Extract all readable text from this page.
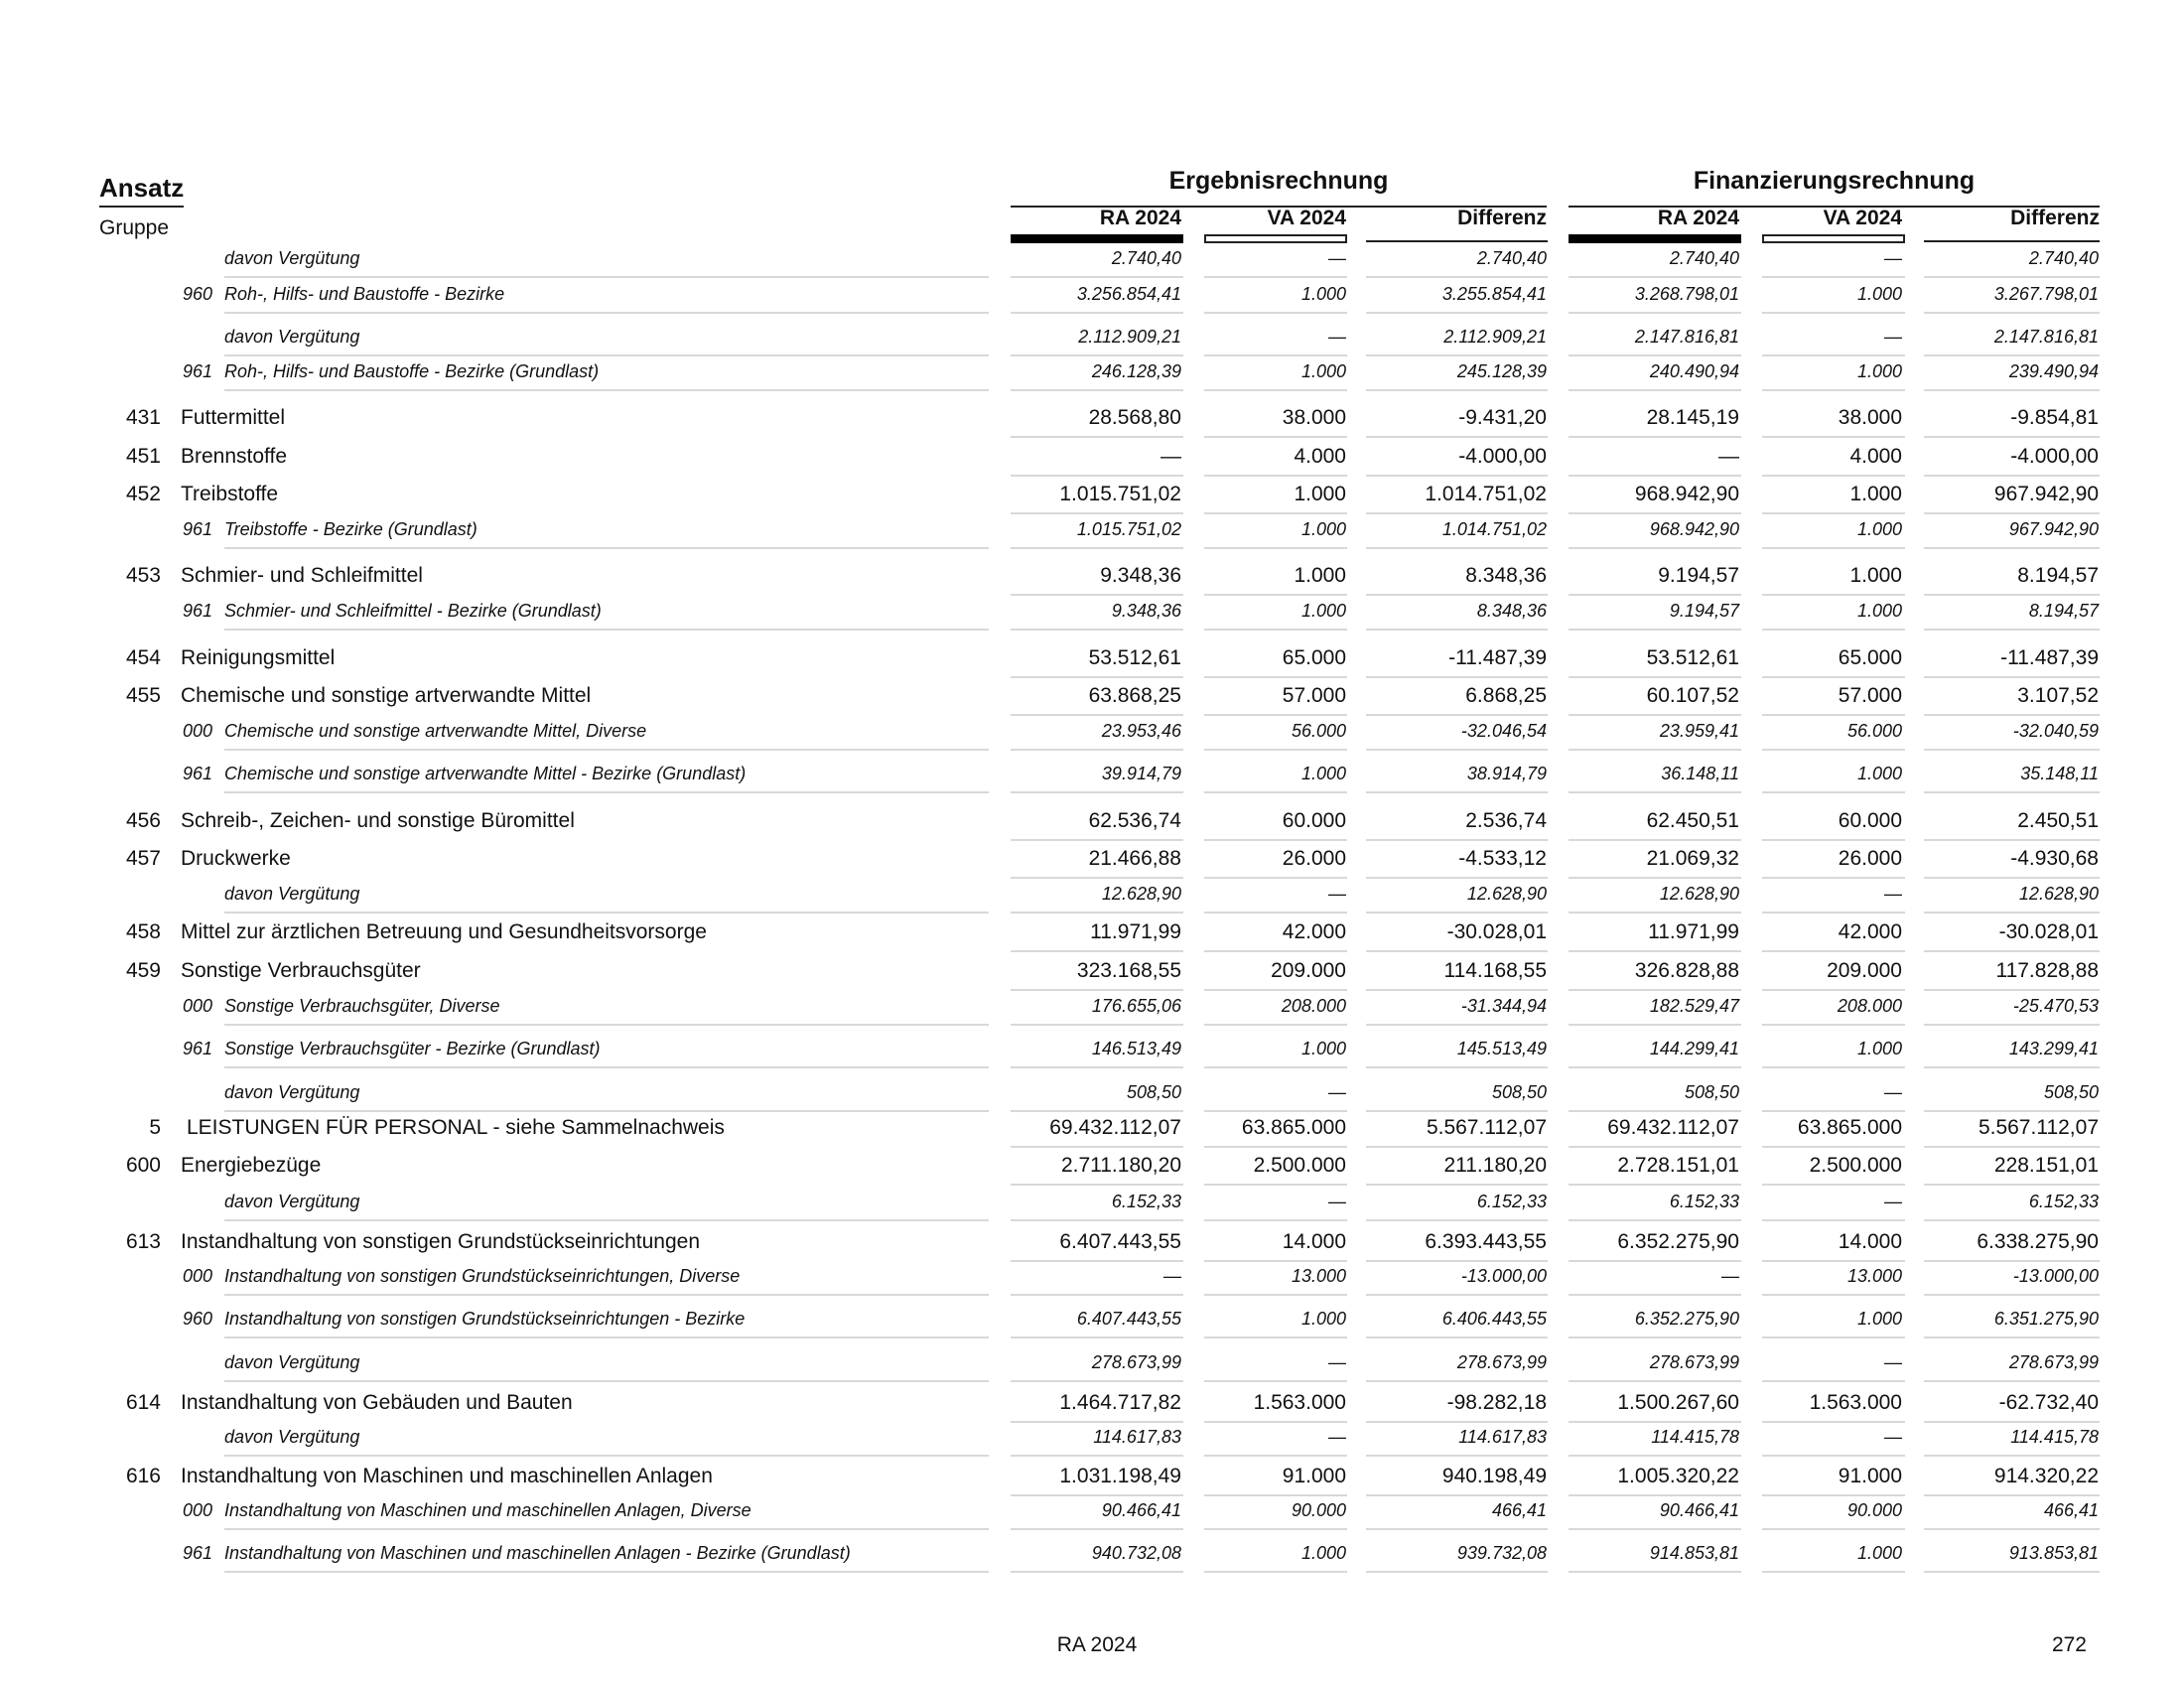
Ansatz
Gruppe
Ergebnisrechnung	Finanzierungsrechnung
RA 2024	VA 2024	Differenz	RA 2024	VA 2024	Differenz
davon Vergütung	2.740,40	—	2.740,40	2.740,40	—	2.740,40
960 Roh-, Hilfs- und Baustoffe - Bezirke	3.256.854,41	1.000	3.255.854,41	3.268.798,01	1.000	3.267.798,01
davon Vergütung	2.112.909,21	—	2.112.909,21	2.147.816,81	—	2.147.816,81
961 Roh-, Hilfs- und Baustoffe - Bezirke (Grundlast)	246.128,39	1.000	245.128,39	240.490,94	1.000	239.490,94
431 Futtermittel	28.568,80	38.000	-9.431,20	28.145,19	38.000	-9.854,81
451 Brennstoffe	—	4.000	-4.000,00	—	4.000	-4.000,00
452 Treibstoffe	1.015.751,02	1.000	1.014.751,02	968.942,90	1.000	967.942,90
961 Treibstoffe - Bezirke (Grundlast)	1.015.751,02	1.000	1.014.751,02	968.942,90	1.000	967.942,90
453 Schmier- und Schleifmittel	9.348,36	1.000	8.348,36	9.194,57	1.000	8.194,57
961 Schmier- und Schleifmittel - Bezirke (Grundlast)	9.348,36	1.000	8.348,36	9.194,57	1.000	8.194,57
454 Reinigungsmittel	53.512,61	65.000	-11.487,39	53.512,61	65.000	-11.487,39
455 Chemische und sonstige artverwandte Mittel	63.868,25	57.000	6.868,25	60.107,52	57.000	3.107,52
000 Chemische und sonstige artverwandte Mittel, Diverse	23.953,46	56.000	-32.046,54	23.959,41	56.000	-32.040,59
961 Chemische und sonstige artverwandte Mittel - Bezirke (Grundlast)	39.914,79	1.000	38.914,79	36.148,11	1.000	35.148,11
456 Schreib-, Zeichen- und sonstige Büromittel	62.536,74	60.000	2.536,74	62.450,51	60.000	2.450,51
457 Druckwerke	21.466,88	26.000	-4.533,12	21.069,32	26.000	-4.930,68
davon Vergütung	12.628,90	—	12.628,90	12.628,90	—	12.628,90
458 Mittel zur ärztlichen Betreuung und Gesundheitsvorsorge	11.971,99	42.000	-30.028,01	11.971,99	42.000	-30.028,01
459 Sonstige Verbrauchsgüter	323.168,55	209.000	114.168,55	326.828,88	209.000	117.828,88
000 Sonstige Verbrauchsgüter, Diverse	176.655,06	208.000	-31.344,94	182.529,47	208.000	-25.470,53
961 Sonstige Verbrauchsgüter - Bezirke (Grundlast)	146.513,49	1.000	145.513,49	144.299,41	1.000	143.299,41
davon Vergütung	508,50	—	508,50	508,50	—	508,50
5 LEISTUNGEN FÜR PERSONAL - siehe Sammelnachweis	69.432.112,07	63.865.000	5.567.112,07	69.432.112,07	63.865.000	5.567.112,07
600 Energiebezüge	2.711.180,20	2.500.000	211.180,20	2.728.151,01	2.500.000	228.151,01
davon Vergütung	6.152,33	—	6.152,33	6.152,33	—	6.152,33
613 Instandhaltung von sonstigen Grundstückseinrichtungen	6.407.443,55	14.000	6.393.443,55	6.352.275,90	14.000	6.338.275,90
000 Instandhaltung von sonstigen Grundstückseinrichtungen, Diverse	—	13.000	-13.000,00	—	13.000	-13.000,00
960 Instandhaltung von sonstigen Grundstückseinrichtungen - Bezirke	6.407.443,55	1.000	6.406.443,55	6.352.275,90	1.000	6.351.275,90
davon Vergütung	278.673,99	—	278.673,99	278.673,99	—	278.673,99
614 Instandhaltung von Gebäuden und Bauten	1.464.717,82	1.563.000	-98.282,18	1.500.267,60	1.563.000	-62.732,40
davon Vergütung	114.617,83	—	114.617,83	114.415,78	—	114.415,78
616 Instandhaltung von Maschinen und maschinellen Anlagen	1.031.198,49	91.000	940.198,49	1.005.320,22	91.000	914.320,22
000 Instandhaltung von Maschinen und maschinellen Anlagen, Diverse	90.466,41	90.000	466,41	90.466,41	90.000	466,41
961 Instandhaltung von Maschinen und maschinellen Anlagen - Bezirke (Grundlast)	940.732,08	1.000	939.732,08	914.853,81	1.000	913.853,81
RA 2024	272
